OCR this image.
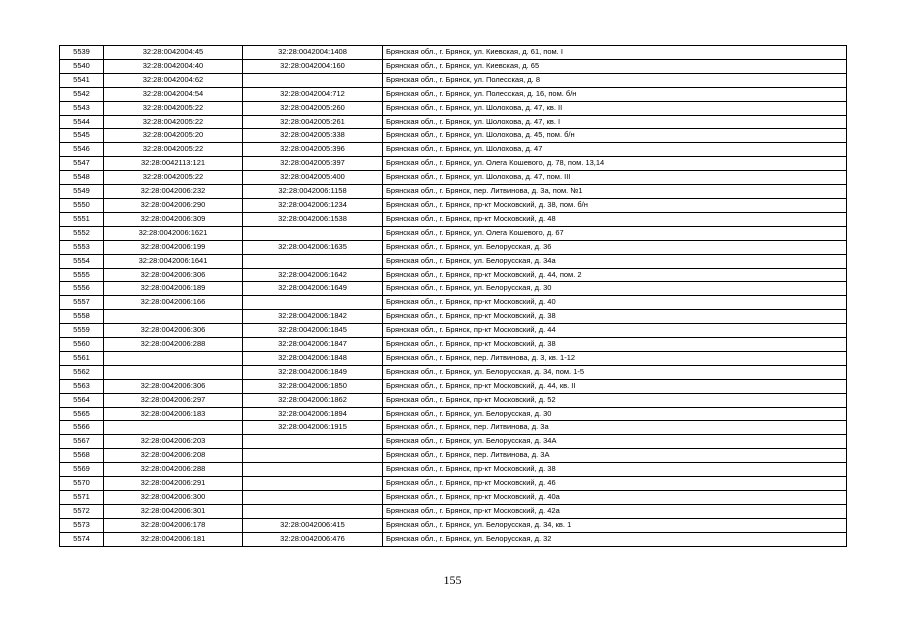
5539	32:28:0042004:45	32:28:0042004:1408	Брянская обл., г. Брянск, ул. Киевская, д. 61, пом. I
5540	32:28:0042004:40	32:28:0042004:160	Брянская обл., г. Брянск, ул. Киевская, д. 65
5541	32:28:0042004:62		Брянская обл., г. Брянск, ул. Полесская, д. 8
5542	32:28:0042004:54	32:28:0042004:712	Брянская обл., г. Брянск, ул. Полесская, д. 16, пом. б/н
5543	32:28:0042005:22	32:28:0042005:260	Брянская обл., г. Брянск, ул. Шолохова, д. 47, кв. II
5544	32:28:0042005:22	32:28:0042005:261	Брянская обл., г. Брянск, ул. Шолохова, д. 47, кв. I
5545	32:28:0042005:20	32:28:0042005:338	Брянская обл., г. Брянск, ул. Шолохова, д. 45, пом. б/н
5546	32:28:0042005:22	32:28:0042005:396	Брянская обл., г. Брянск, ул. Шолохова, д. 47
5547	32:28:0042113:121	32:28:0042005:397	Брянская обл., г. Брянск, ул. Олега Кошевого, д. 78, пом. 13,14
5548	32:28:0042005:22	32:28:0042005:400	Брянская обл., г. Брянск, ул. Шолохова, д. 47, пом. III
5549	32:28:0042006:232	32:28:0042006:1158	Брянская обл., г. Брянск, пер. Литвинова, д. 3а, пом. №1
5550	32:28:0042006:290	32:28:0042006:1234	Брянская обл., г. Брянск, пр-кт Московский, д. 38, пом. б/н
5551	32:28:0042006:309	32:28:0042006:1538	Брянская обл., г. Брянск, пр-кт Московский, д. 48
5552	32:28:0042006:1621		Брянская обл., г. Брянск, ул. Олега Кошевого, д. 67
5553	32:28:0042006:199	32:28:0042006:1635	Брянская обл., г. Брянск, ул. Белорусская, д. 36
5554	32:28:0042006:1641		Брянская обл., г. Брянск, ул. Белорусская, д. 34а
5555	32:28:0042006:306	32:28:0042006:1642	Брянская обл., г. Брянск, пр-кт Московский, д. 44, пом. 2
5556	32:28:0042006:189	32:28:0042006:1649	Брянская обл., г. Брянск, ул. Белорусская, д. 30
5557	32:28:0042006:166		Брянская обл., г. Брянск, пр-кт Московский, д. 40
5558		32:28:0042006:1842	Брянская обл., г. Брянск, пр-кт Московский, д. 38
5559	32:28:0042006:306	32:28:0042006:1845	Брянская обл., г. Брянск, пр-кт Московский, д. 44
5560	32:28:0042006:288	32:28:0042006:1847	Брянская обл., г. Брянск, пр-кт Московский, д. 38
5561		32:28:0042006:1848	Брянская обл., г. Брянск, пер. Литвинова, д. 3, кв. 1-12
5562		32:28:0042006:1849	Брянская обл., г. Брянск, ул. Белорусская, д. 34, пом. 1-5
5563	32:28:0042006:306	32:28:0042006:1850	Брянская обл., г. Брянск, пр-кт Московский, д. 44, кв. II
5564	32:28:0042006:297	32:28:0042006:1862	Брянская обл., г. Брянск, пр-кт Московский, д. 52
5565	32:28:0042006:183	32:28:0042006:1894	Брянская обл., г. Брянск, ул. Белорусская, д. 30
5566		32:28:0042006:1915	Брянская обл., г. Брянск, пер. Литвинова, д. 3а
5567	32:28:0042006:203		Брянская обл., г. Брянск, ул. Белорусская, д. 34А
5568	32:28:0042006:208		Брянская обл., г. Брянск, пер. Литвинова, д. 3А
5569	32:28:0042006:288		Брянская обл., г. Брянск, пр-кт Московский, д. 38
5570	32:28:0042006:291		Брянская обл., г. Брянск, пр-кт Московский, д. 46
5571	32:28:0042006:300		Брянская обл., г. Брянск, пр-кт Московский, д. 40а
5572	32:28:0042006:301		Брянская обл., г. Брянск, пр-кт Московский, д. 42а
5573	32:28:0042006:178	32:28:0042006:415	Брянская обл., г. Брянск, ул. Белорусская, д. 34, кв. 1
5574	32:28:0042006:181	32:28:0042006:476	Брянская обл., г. Брянск, ул. Белорусская, д. 32
155
